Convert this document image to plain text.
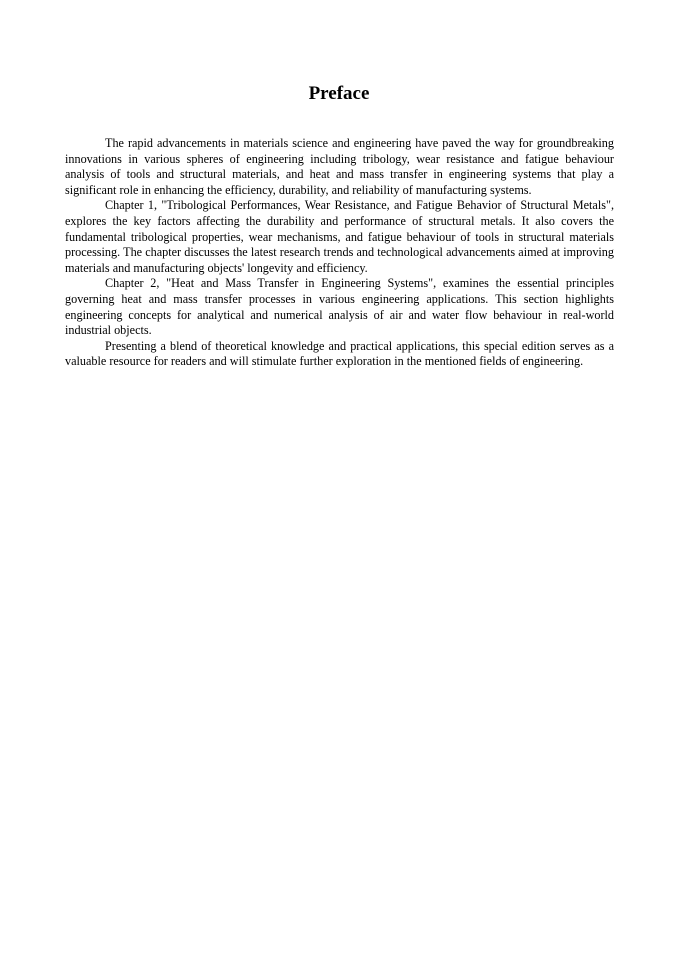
Preface

The rapid advancements in materials science and engineering have paved the way for groundbreaking innovations in various spheres of engineering including tribology, wear resistance and fatigue behaviour analysis of tools and structural materials, and heat and mass transfer in engineering systems that play a significant role in enhancing the efficiency, durability, and reliability of manufacturing systems.

Chapter 1, "Tribological Performances, Wear Resistance, and Fatigue Behavior of Structural Metals", explores the key factors affecting the durability and performance of structural metals. It also covers the fundamental tribological properties, wear mechanisms, and fatigue behaviour of tools in structural materials processing. The chapter discusses the latest research trends and technological advancements aimed at improving materials and manufacturing objects' longevity and efficiency.

Chapter 2, "Heat and Mass Transfer in Engineering Systems", examines the essential principles governing heat and mass transfer processes in various engineering applications. This section highlights engineering concepts for analytical and numerical analysis of air and water flow behaviour in real-world industrial objects.

Presenting a blend of theoretical knowledge and practical applications, this special edition serves as a valuable resource for readers and will stimulate further exploration in the mentioned fields of engineering.
